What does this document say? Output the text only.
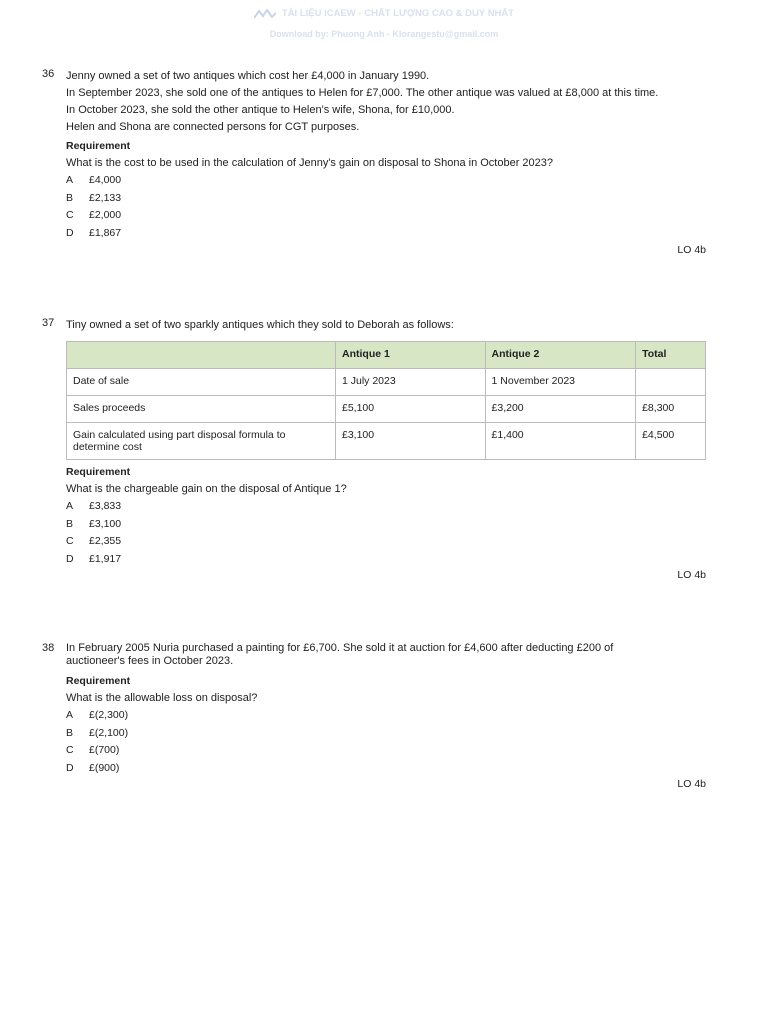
TÀI LIỆU ICAEW - CHẤT LƯỢNG CAO & DUY NHẤT
Download by: Phuong Anh - Klorangestu@gmail.com
36 Jenny owned a set of two antiques which cost her £4,000 in January 1990.
In September 2023, she sold one of the antiques to Helen for £7,000. The other antique was valued at £8,000 at this time.
In October 2023, she sold the other antique to Helen's wife, Shona, for £10,000.
Helen and Shona are connected persons for CGT purposes.
Requirement
What is the cost to be used in the calculation of Jenny's gain on disposal to Shona in October 2023?
A	£4,000
B	£2,133
C	£2,000
D	£1,867
LO 4b
37 Tiny owned a set of two sparkly antiques which they sold to Deborah as follows:
	Antique 1	Antique 2	Total
Date of sale	1 July 2023	1 November 2023	
Sales proceeds	£5,100	£3,200	£8,300
Gain calculated using part disposal formula to determine cost	£3,100	£1,400	£4,500
Requirement
What is the chargeable gain on the disposal of Antique 1?
A	£3,833
B	£3,100
C	£2,355
D	£1,917
LO 4b
38 In February 2005 Nuria purchased a painting for £6,700. She sold it at auction for £4,600 after deducting £200 of
auctioneer's fees in October 2023.
Requirement
What is the allowable loss on disposal?
A	£(2,300)
B	£(2,100)
C	£(700)
D	£(900)
LO 4b
